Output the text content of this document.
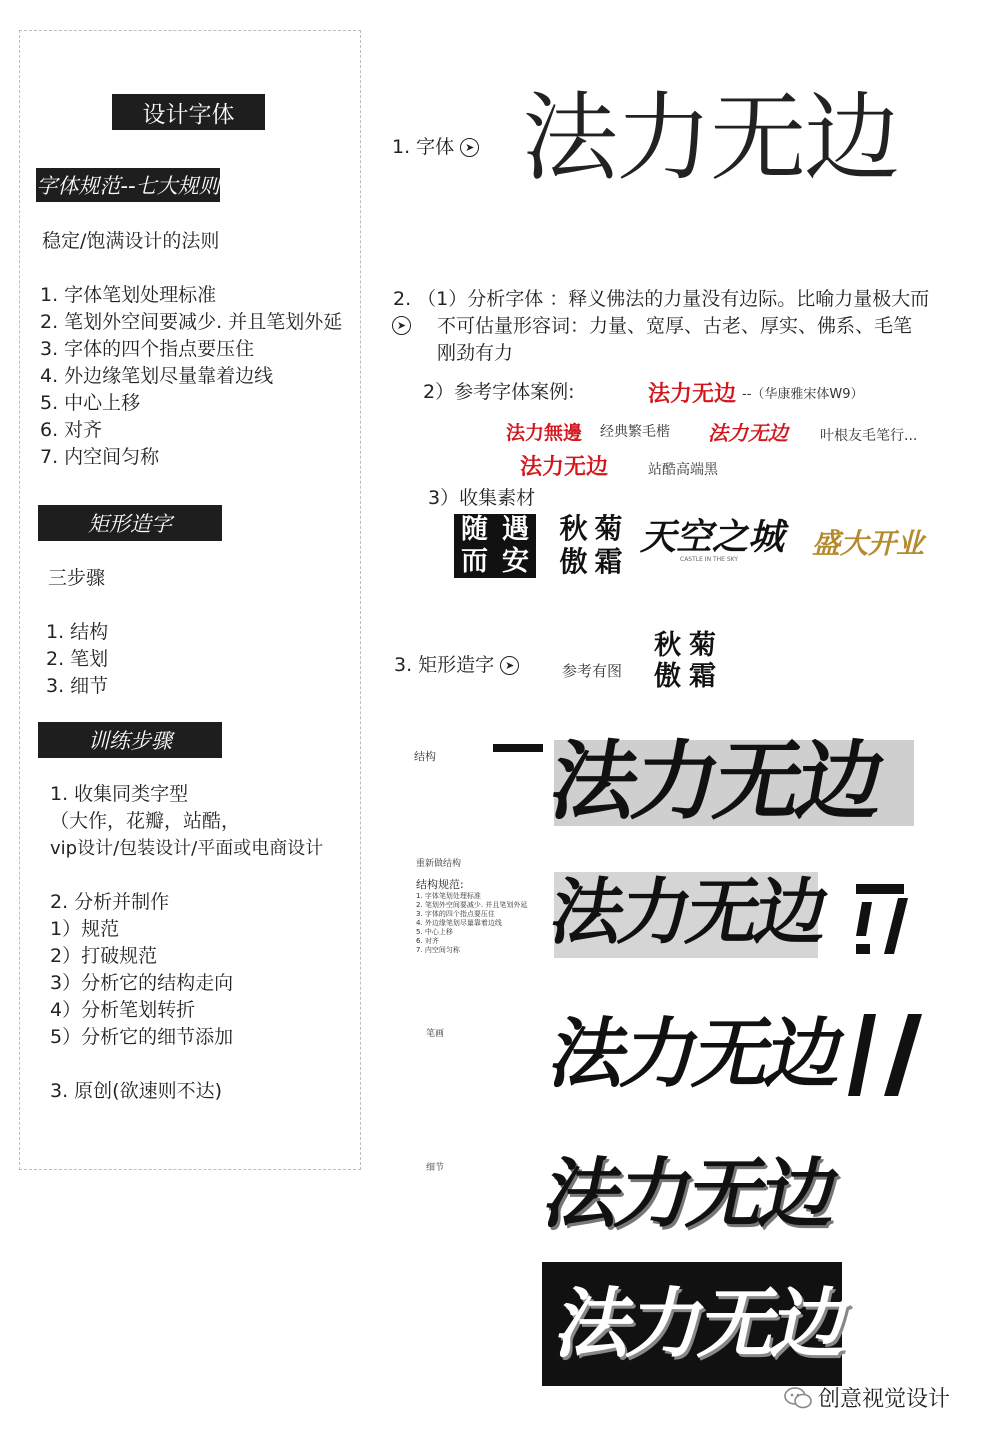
设计字体
字体规范--七大规则
稳定/饱满设计的法则
1. 字体笔划处理标准
2. 笔划外空间要减少. 并且笔划外延
3. 字体的四个指点要压住
4. 外边缘笔划尽量靠着边线
5. 中心上移
6. 对齐
7. 内空间匀称
矩形造字
三步骤
1. 结构
2. 笔划
3. 细节
训练步骤
1. 收集同类字型
（大作，花瓣，站酷，
vip设计/包装设计/平面或电商设计
2. 分析并制作
1）规范
2）打破规范
3）分析它的结构走向
4）分析笔划转折
5）分析它的细节添加
3. 原创(欲速则不达)
1. 字体 ➤ 法力无边
2. （1）分析字体 ：释义佛法的力量没有边际。比喻力量极大而
➤ 不可估量形容词：力量、宽厚、古老、厚实、佛系、毛笔
刚劲有力
2）参考字体案例:	法力无边 --（华康雅宋体W9）
法力無邊 经典繁毛楷 法力无边 叶根友毛笔行...
法力无边	站酷高端黑
3）收集素材
随 遇
而 安
秋 菊
傲 霜
天空之城
CASTLE IN THE SKY	盛大开业
3. 矩形造字 ➤	参考有图
秋 菊
傲 霜
结构 法力无边
重新做结构
结构规范:
1. 字体笔划处理标准
2. 笔划外空间要减少. 并且笔划外延
3. 字体的四个指点要压住
4. 外边缘笔划尽量靠着边线
5. 中心上移
6. 对齐
7. 内空间匀称	法力无边
笔画 法力无边
细节 法力无边
法力无边
创意视觉设计
